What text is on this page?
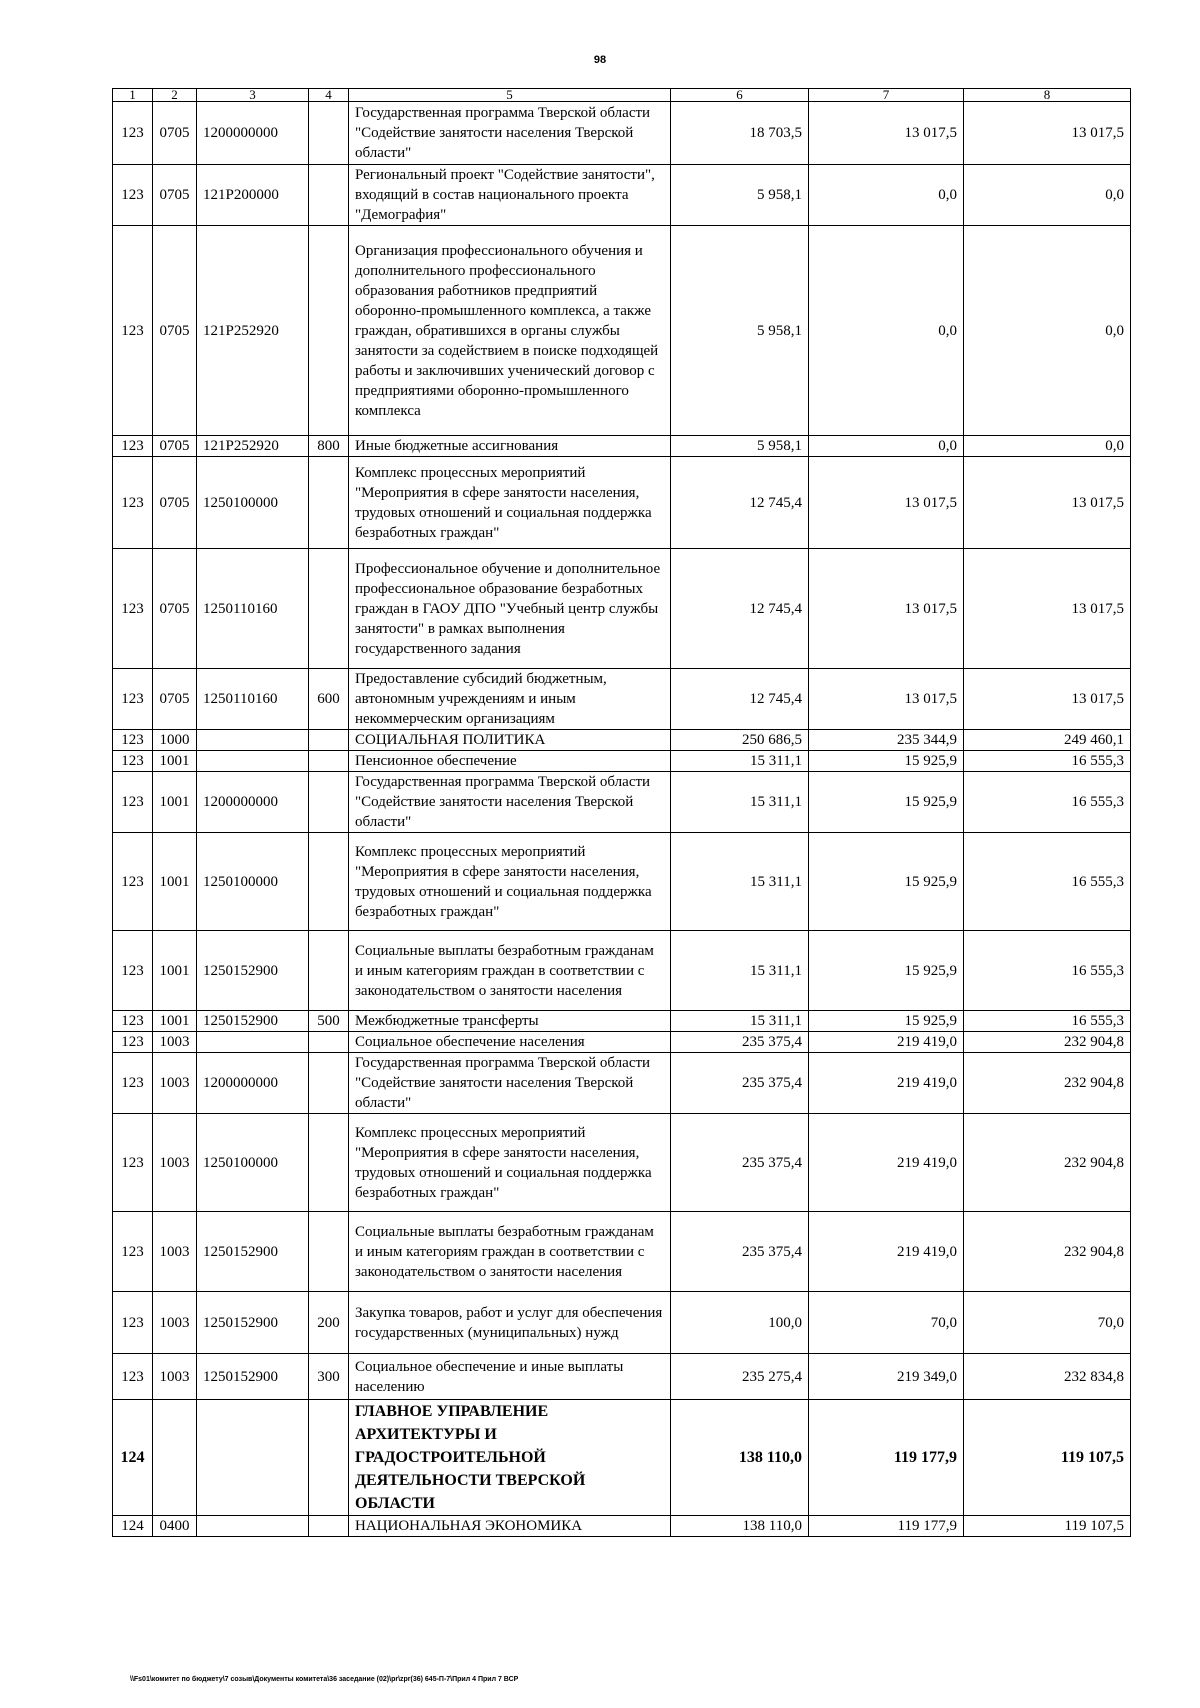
98
1	2	3	4	5	6	7	8
123	0705	1200000000		Государственная программа Тверской области "Содействие занятости населения Тверской области"	18 703,5	13 017,5	13 017,5
123	0705	121Р200000		Региональный проект "Содействие занятости", входящий в состав национального проекта "Демография"	5 958,1	0,0	0,0
123	0705	121Р252920		Организация профессионального обучения и дополнительного профессионального образования работников предприятий оборонно-промышленного комплекса, а также граждан, обратившихся в органы службы занятости за содействием в поиске подходящей работы и заключивших ученический договор с предприятиями оборонно-промышленного комплекса	5 958,1	0,0	0,0
123	0705	121Р252920	800	Иные бюджетные ассигнования	5 958,1	0,0	0,0
123	0705	1250100000		Комплекс процессных мероприятий "Мероприятия в сфере занятости населения, трудовых отношений и социальная поддержка безработных граждан"	12 745,4	13 017,5	13 017,5
123	0705	1250110160		Профессиональное обучение и дополнительное профессиональное образование безработных граждан в ГАОУ ДПО "Учебный центр службы занятости" в рамках выполнения государственного задания	12 745,4	13 017,5	13 017,5
123	0705	1250110160	600	Предоставление субсидий бюджетным, автономным учреждениям и иным некоммерческим организациям	12 745,4	13 017,5	13 017,5
123	1000			СОЦИАЛЬНАЯ ПОЛИТИКА	250 686,5	235 344,9	249 460,1
123	1001			Пенсионное обеспечение	15 311,1	15 925,9	16 555,3
123	1001	1200000000		Государственная программа Тверской области "Содействие занятости населения Тверской области"	15 311,1	15 925,9	16 555,3
123	1001	1250100000		Комплекс процессных мероприятий "Мероприятия в сфере занятости населения, трудовых отношений и социальная поддержка безработных граждан"	15 311,1	15 925,9	16 555,3
123	1001	1250152900		Социальные выплаты безработным гражданам и иным категориям граждан в соответствии с законодательством о занятости населения	15 311,1	15 925,9	16 555,3
123	1001	1250152900	500	Межбюджетные трансферты	15 311,1	15 925,9	16 555,3
123	1003			Социальное обеспечение населения	235 375,4	219 419,0	232 904,8
123	1003	1200000000		Государственная программа Тверской области "Содействие занятости населения Тверской области"	235 375,4	219 419,0	232 904,8
123	1003	1250100000		Комплекс процессных мероприятий "Мероприятия в сфере занятости населения, трудовых отношений и социальная поддержка безработных граждан"	235 375,4	219 419,0	232 904,8
123	1003	1250152900		Социальные выплаты безработным гражданам и иным категориям граждан в соответствии с законодательством о занятости населения	235 375,4	219 419,0	232 904,8
123	1003	1250152900	200	Закупка товаров, работ и услуг для обеспечения государственных (муниципальных) нужд	100,0	70,0	70,0
123	1003	1250152900	300	Социальное обеспечение и иные выплаты населению	235 275,4	219 349,0	232 834,8
124				ГЛАВНОЕ УПРАВЛЕНИЕ АРХИТЕКТУРЫ И ГРАДОСТРОИТЕЛЬНОЙ ДЕЯТЕЛЬНОСТИ ТВЕРСКОЙ ОБЛАСТИ	138 110,0	119 177,9	119 107,5
124	0400			НАЦИОНАЛЬНАЯ ЭКОНОМИКА	138 110,0	119 177,9	119 107,5
\\Fs01\комитет по бюджету\7 созыв\Документы комитета\36 заседание (02)\pr\zpr(36) 645-П-7\Прил 4 Прил 7 ВСР
